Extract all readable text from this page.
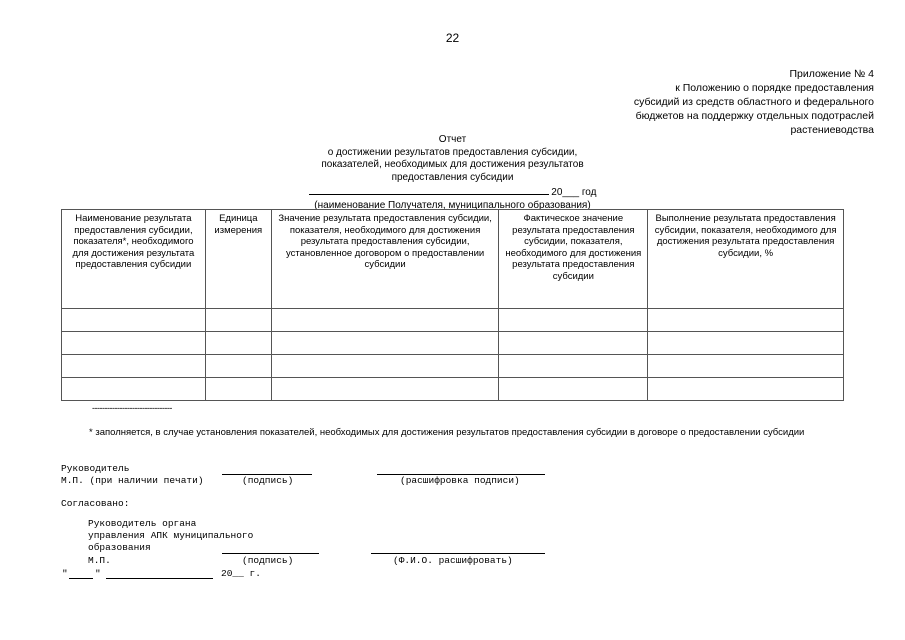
22
Приложение № 4
к Положению о порядке предоставления
субсидий из средств областного и федерального
бюджетов на поддержку отдельных подотраслей
растениеводства
Отчет
о достижении результатов предоставления субсидии,
показателей, необходимых для достижения результатов
предоставления субсидии
20___ год
(наименование Получателя, муниципального образования)
Наименование результата предоставления субсидии, показателя*, необходимого для достижения результата предоставления субсидии	Единица измерения	Значение результата предоставления субсидии, показателя, необходимого для достижения результата предоставления субсидии, установленное договором о предоставлении субсидии	Фактическое значение результата предоставления субсидии, показателя, необходимого для достижения результата предоставления субсидии	Выполнение результата предоставления субсидии, показателя, необходимого для достижения результата предоставления субсидии, %

--------------------------------
* заполняется, в случае установления показателей, необходимых для достижения результатов предоставления субсидии в договоре о предоставлении субсидии
Руководитель
М.П. (при наличии печати)	(подпись)	(расшифровка подписи)
Согласовано:
Руководитель органа
управления АПК муниципального
образования
М.П.	(подпись)	(Ф.И.О. расшифровать)
"	"	20__ г.
